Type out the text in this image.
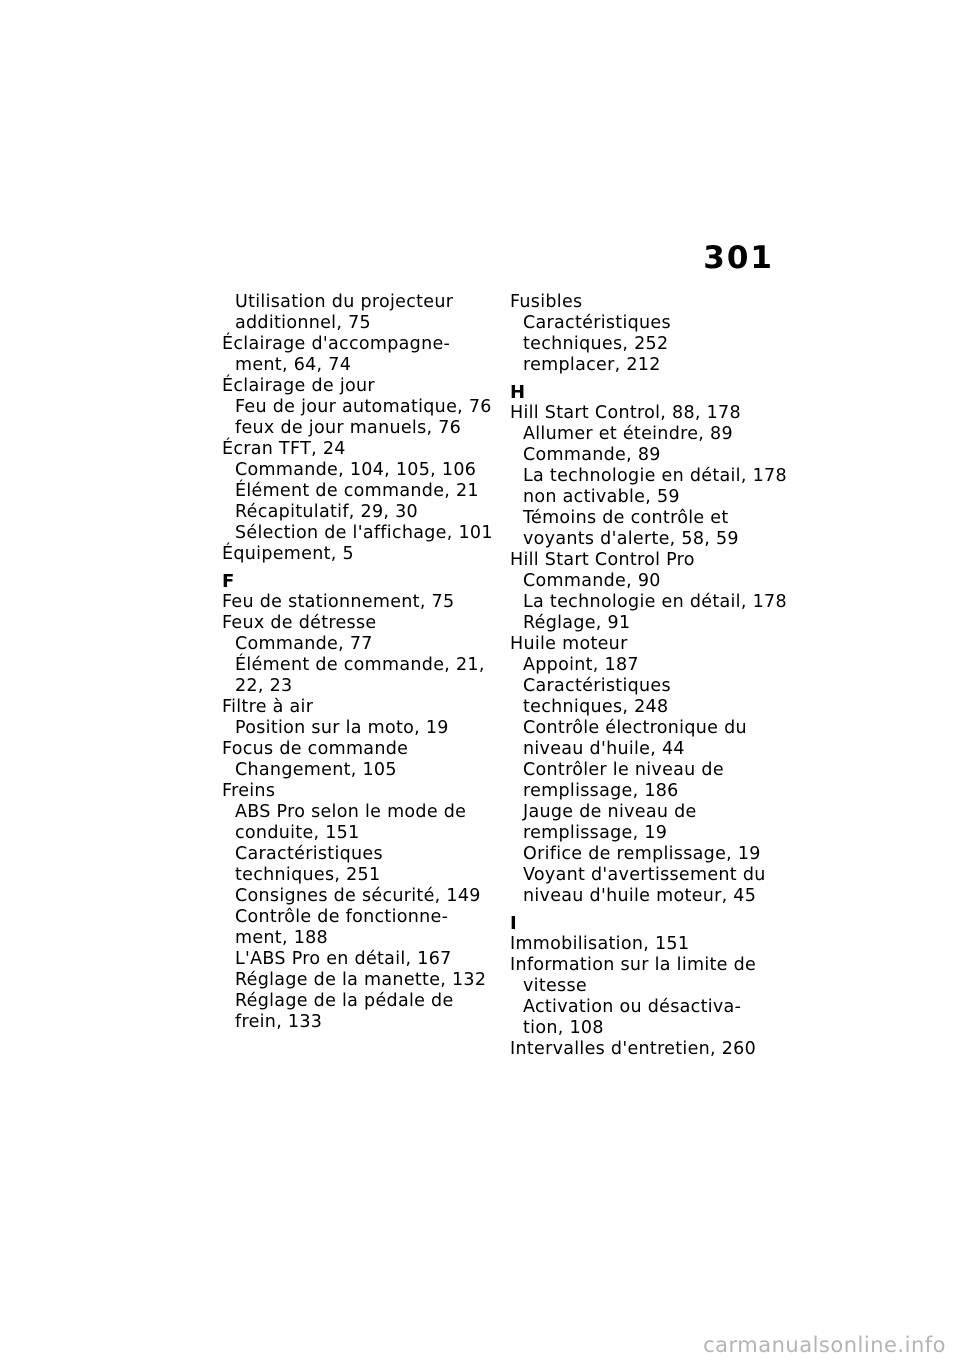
301
Utilisation du projecteur
additionnel, 75
Éclairage d'accompagne-
ment, 64, 74
Éclairage de jour
Feu de jour automatique, 76
feux de jour manuels, 76
Écran TFT, 24
Commande, 104, 105, 106
Élément de commande, 21
Récapitulatif, 29, 30
Sélection de l'affichage, 101
Équipement, 5
F
Feu de stationnement, 75
Feux de détresse
Commande, 77
Élément de commande, 21,
22, 23
Filtre à air
Position sur la moto, 19
Focus de commande
Changement, 105
Freins
ABS Pro selon le mode de
conduite, 151
Caractéristiques
techniques, 251
Consignes de sécurité, 149
Contrôle de fonctionne-
ment, 188
L'ABS Pro en détail, 167
Réglage de la manette, 132
Réglage de la pédale de
frein, 133
Fusibles
Caractéristiques
techniques, 252
remplacer, 212
H
Hill Start Control, 88, 178
Allumer et éteindre, 89
Commande, 89
La technologie en détail, 178
non activable, 59
Témoins de contrôle et
voyants d'alerte, 58, 59
Hill Start Control Pro
Commande, 90
La technologie en détail, 178
Réglage, 91
Huile moteur
Appoint, 187
Caractéristiques
techniques, 248
Contrôle électronique du
niveau d'huile, 44
Contrôler le niveau de
remplissage, 186
Jauge de niveau de
remplissage, 19
Orifice de remplissage, 19
Voyant d'avertissement du
niveau d'huile moteur, 45
I
Immobilisation, 151
Information sur la limite de
vitesse
Activation ou désactiva-
tion, 108
Intervalles d'entretien, 260
carmanualsonline.info
